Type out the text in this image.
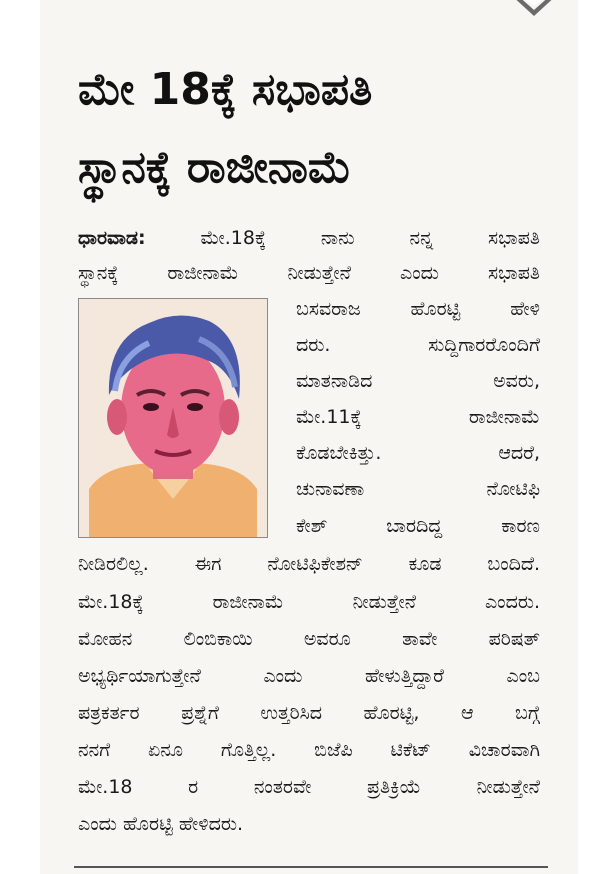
ಮೇ 18ಕ್ಕೆ ಸಭಾಪತಿ
ಸ್ಥಾನಕ್ಕೆ ರಾಜೀನಾಮೆ
ಧಾರವಾಡ:	ಮೇ.18ಕ್ಕೆ ನಾನು ನನ್ನ ಸಭಾಪತಿ
ಸ್ಥಾನಕ್ಕೆ ರಾಜೀನಾಮೆ ನೀಡುತ್ತೇನೆ ಎಂದು ಸಭಾಪತಿ
ಬಸವರಾಜ ಹೊರಟ್ಟಿ ಹೇಳಿ
ದರು. ಸುದ್ದಿಗಾರರೊಂದಿಗೆ
ಮಾತನಾಡಿದ ಅವರು,
ಮೇ.11ಕ್ಕೆ ರಾಜೀನಾಮೆ
ಕೊಡಬೇಕಿತ್ತು. ಆದರೆ,
ಚುನಾವಣಾ ನೋಟಿಫಿ
ಕೇಶ್ ಬಾರದಿದ್ದ ಕಾರಣ
ನೀಡಿರಲಿಲ್ಲ. ಈಗ ನೋಟಿಫಿಕೇಶನ್ ಕೂಡ ಬಂದಿದೆ.
ಮೇ.18ಕ್ಕೆ ರಾಜೀನಾಮೆ ನೀಡುತ್ತೇನೆ ಎಂದರು.
ಮೋಹನ ಲಿಂಬಿಕಾಯಿ ಅವರೂ ತಾವೇ ಪರಿಷತ್
ಅಭ್ಯರ್ಥಿಯಾಗುತ್ತೇನೆ ಎಂದು ಹೇಳುತ್ತಿದ್ದಾರೆ ಎಂಬ
ಪತ್ರಕರ್ತರ ಪ್ರಶ್ನೆಗೆ ಉತ್ತರಿಸಿದ ಹೊರಟ್ಟಿ, ಆ ಬಗ್ಗೆ
ನನಗೆ ಏನೂ ಗೊತ್ತಿಲ್ಲ. ಬಿಜೆಪಿ ಟಿಕೆಟ್ ವಿಚಾರವಾಗಿ
ಮೇ.18 ರ ನಂತರವೇ ಪ್ರತಿಕ್ರಿಯೆ ನೀಡುತ್ತೇನೆ
ಎಂದು ಹೊರಟ್ಟಿ ಹೇಳಿದರು.
